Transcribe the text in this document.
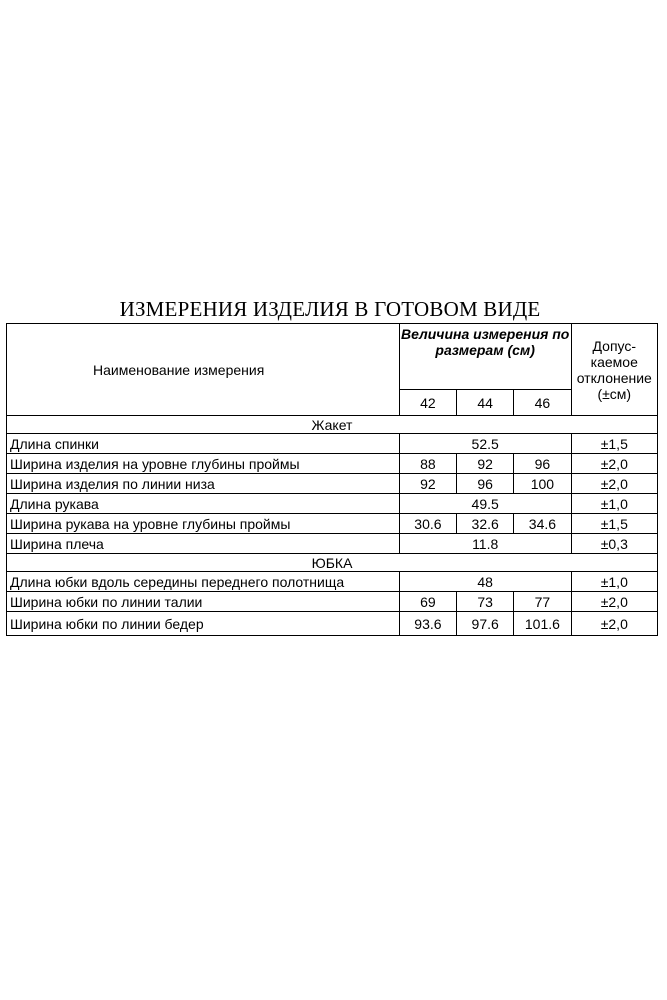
ИЗМЕРЕНИЯ ИЗДЕЛИЯ В ГОТОВОМ ВИДЕ
Наименование измерения	Величина измерения по размерам (см)			Допус-каемое отклонение (±см)
	42	44	46	
Жакет				
Длина спинки	52.5			±1,5
Ширина изделия на уровне глубины проймы	88	92	96	±2,0
Ширина изделия по линии низа	92	96	100	±2,0
Длина рукава	49.5			±1,0
Ширина рукава на уровне глубины проймы	30.6	32.6	34.6	±1,5
Ширина плеча	11.8			±0,3
ЮБКА				
Длина юбки вдоль середины переднего полотнища	48			±1,0
Ширина юбки по линии талии	69	73	77	±2,0
Ширина юбки по линии бедер	93.6	97.6	101.6	±2,0
